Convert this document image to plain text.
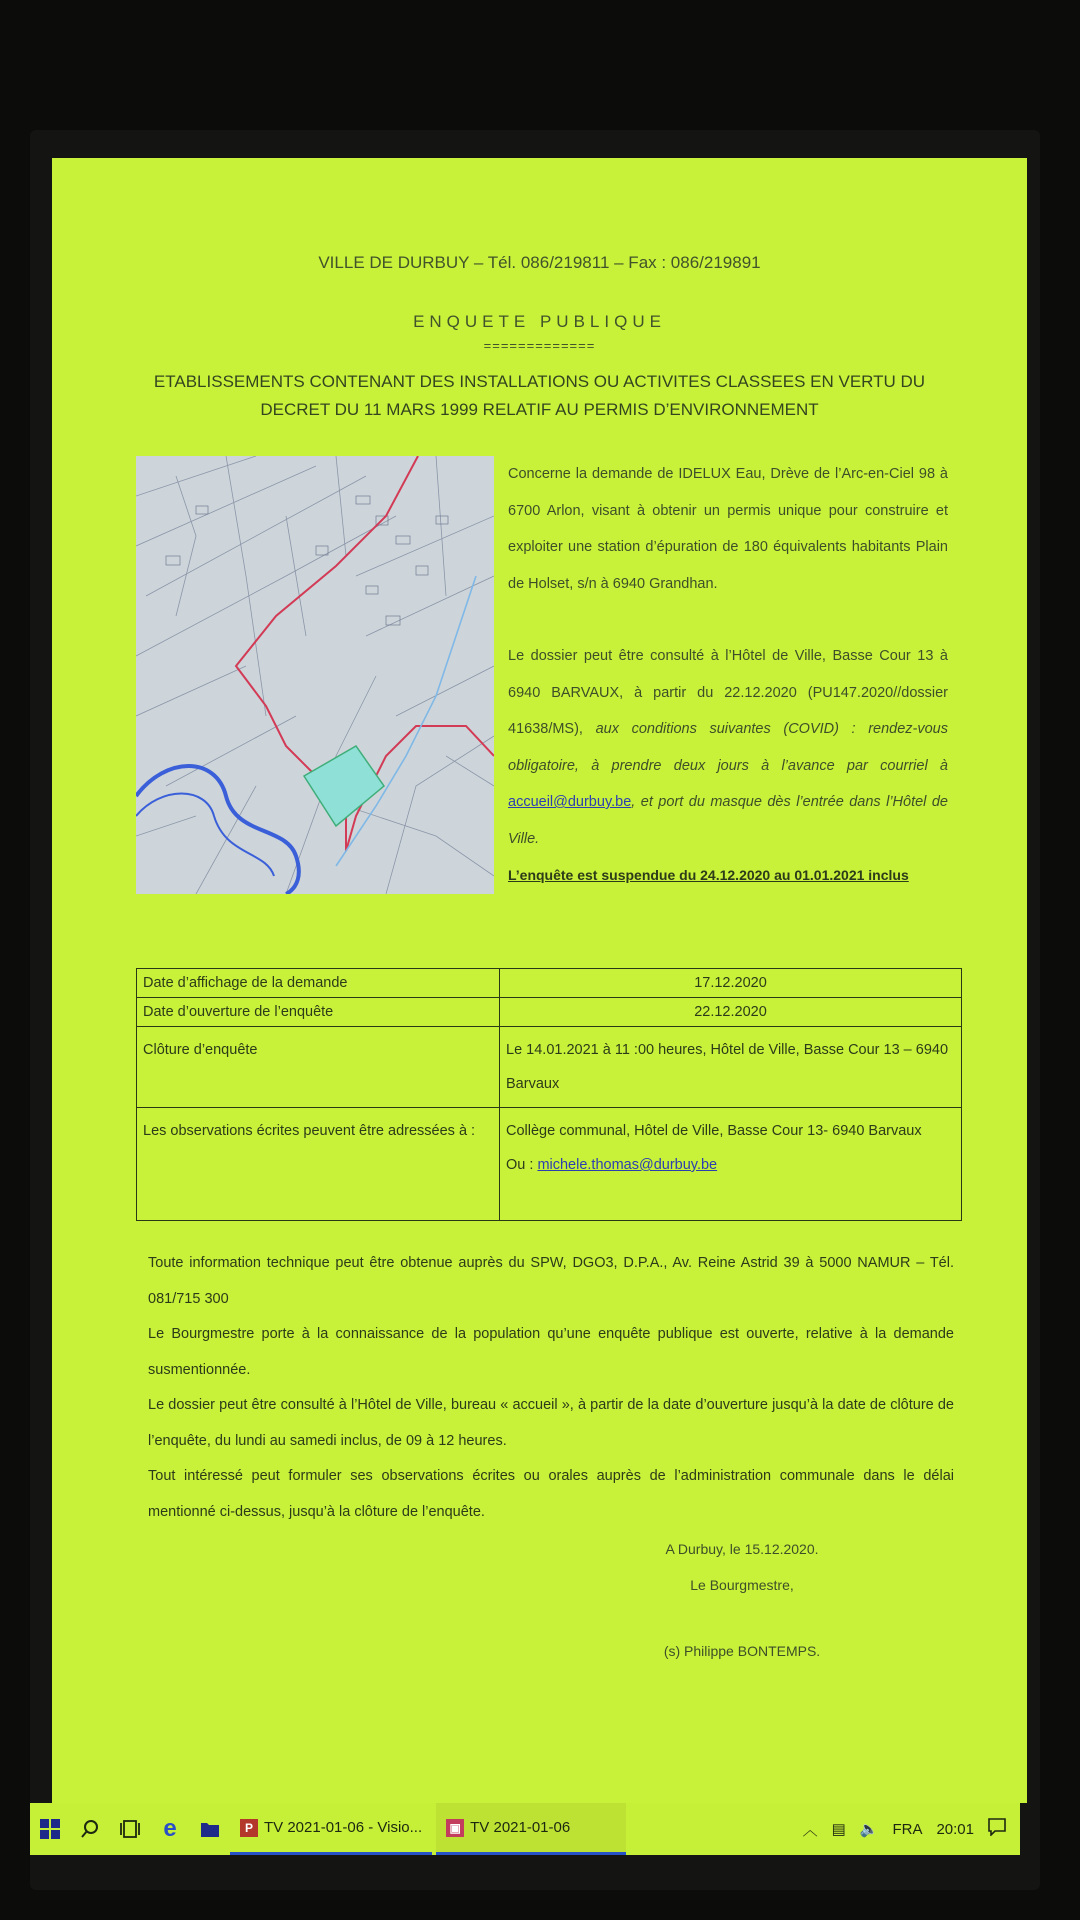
VILLE DE DURBUY – Tél. 086/219811 – Fax : 086/219891
ENQUETE PUBLIQUE
=============
ETABLISSEMENTS CONTENANT DES INSTALLATIONS OU ACTIVITES CLASSEES EN VERTU DU
DECRET DU 11 MARS 1999 RELATIF AU PERMIS D’ENVIRONNEMENT

Concerne la demande de IDELUX Eau, Drève de l’Arc-en-Ciel 98 à 6700 Arlon, visant à obtenir un permis unique pour construire et exploiter une station d’épuration de 180 équivalents habitants Plain de Holset, s/n à 6940 Grandhan.

Le dossier peut être consulté à l’Hôtel de Ville, Basse Cour 13 à 6940 BARVAUX, à partir du 22.12.2020 (PU147.2020//dossier 41638/MS), aux conditions suivantes (COVID) : rendez-vous obligatoire, à prendre deux jours à l’avance par courriel à accueil@durbuy.be, et port du masque dès l’entrée dans l’Hôtel de Ville.

L’enquête est suspendue du 24.12.2020 au 01.01.2021 inclus

Date d’affichage de la demande	17.12.2020
Date d’ouverture de l’enquête	22.12.2020
Clôture d’enquête	Le 14.01.2021 à 11 :00 heures, Hôtel de Ville, Basse Cour 13 – 6940 Barvaux
Les observations écrites peuvent être adressées à :	Collège communal, Hôtel de Ville, Basse Cour 13- 6940 Barvaux
Ou : michele.thomas@durbuy.be

Toute information technique peut être obtenue auprès du SPW, DGO3, D.P.A., Av. Reine Astrid 39 à 5000 NAMUR – Tél. 081/715 300

Le Bourgmestre porte à la connaissance de la population qu’une enquête publique est ouverte, relative à la demande susmentionnée.

Le dossier peut être consulté à l’Hôtel de Ville, bureau « accueil », à partir de la date d’ouverture jusqu’à la date de clôture de l’enquête, du lundi au samedi inclus, de 09 à 12 heures.

Tout intéressé peut formuler ses observations écrites ou orales auprès de l’administration communale dans le délai mentionné ci-dessus, jusqu’à la clôture de l’enquête.

A Durbuy, le 15.12.2020.
Le Bourgmestre,
(s) Philippe BONTEMPS.
e	P TV 2021-01-06 - Visio... ▣ TV 2021-01-06	︿ ▤ 🔈 FRA 20:01
